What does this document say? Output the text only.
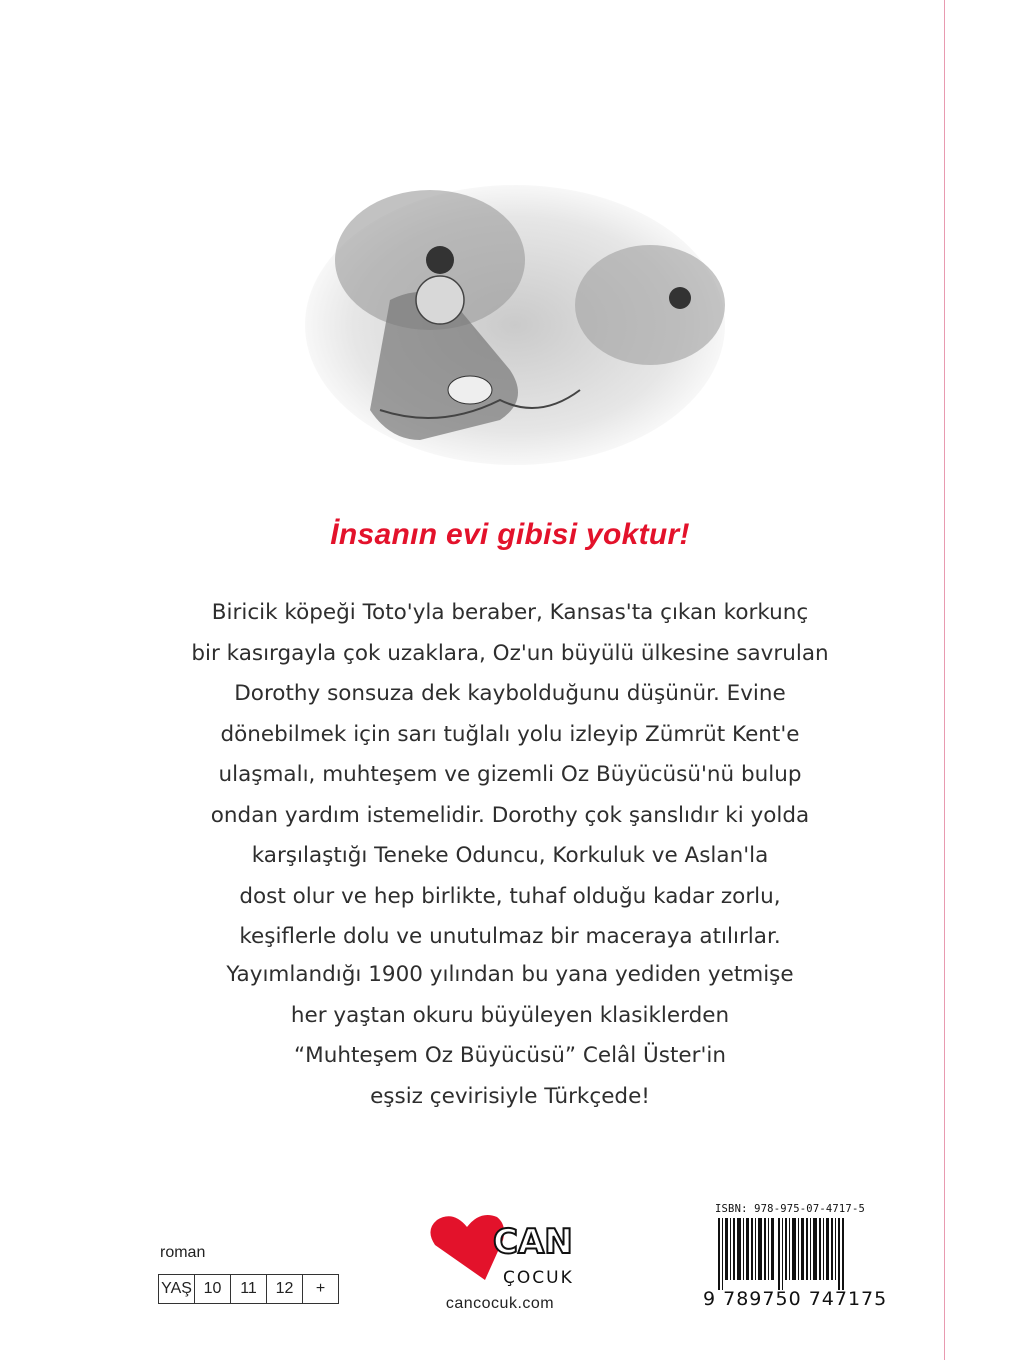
İnsanın evi gibisi yoktur!

Biricik köpeği Toto'yla beraber, Kansas'ta çıkan korkunç

bir kasırgayla çok uzaklara, Oz'un büyülü ülkesine savrulan

Dorothy sonsuza dek kaybolduğunu düşünür. Evine

dönebilmek için sarı tuğlalı yolu izleyip Zümrüt Kent'e

ulaşmalı, muhteşem ve gizemli Oz Büyücüsü'nü bulup

ondan yardım istemelidir. Dorothy çok şanslıdır ki yolda

karşılaştığı Teneke Oduncu, Korkuluk ve Aslan'la

dost olur ve hep birlikte, tuhaf olduğu kadar zorlu,

keşiflerle dolu ve unutulmaz bir maceraya atılırlar.

Yayımlandığı 1900 yılından bu yana yediden yetmişe

her yaştan okuru büyüleyen klasiklerden

“Muhteşem Oz Büyücüsü” Celâl Üster'in

eşsiz çevirisiyle Türkçede!

roman
YAŞ 10	11	12	+
CAN
ÇOCUK
cancocuk.com
ISBN: 978-975-07-4717-5
9 789750 747175
